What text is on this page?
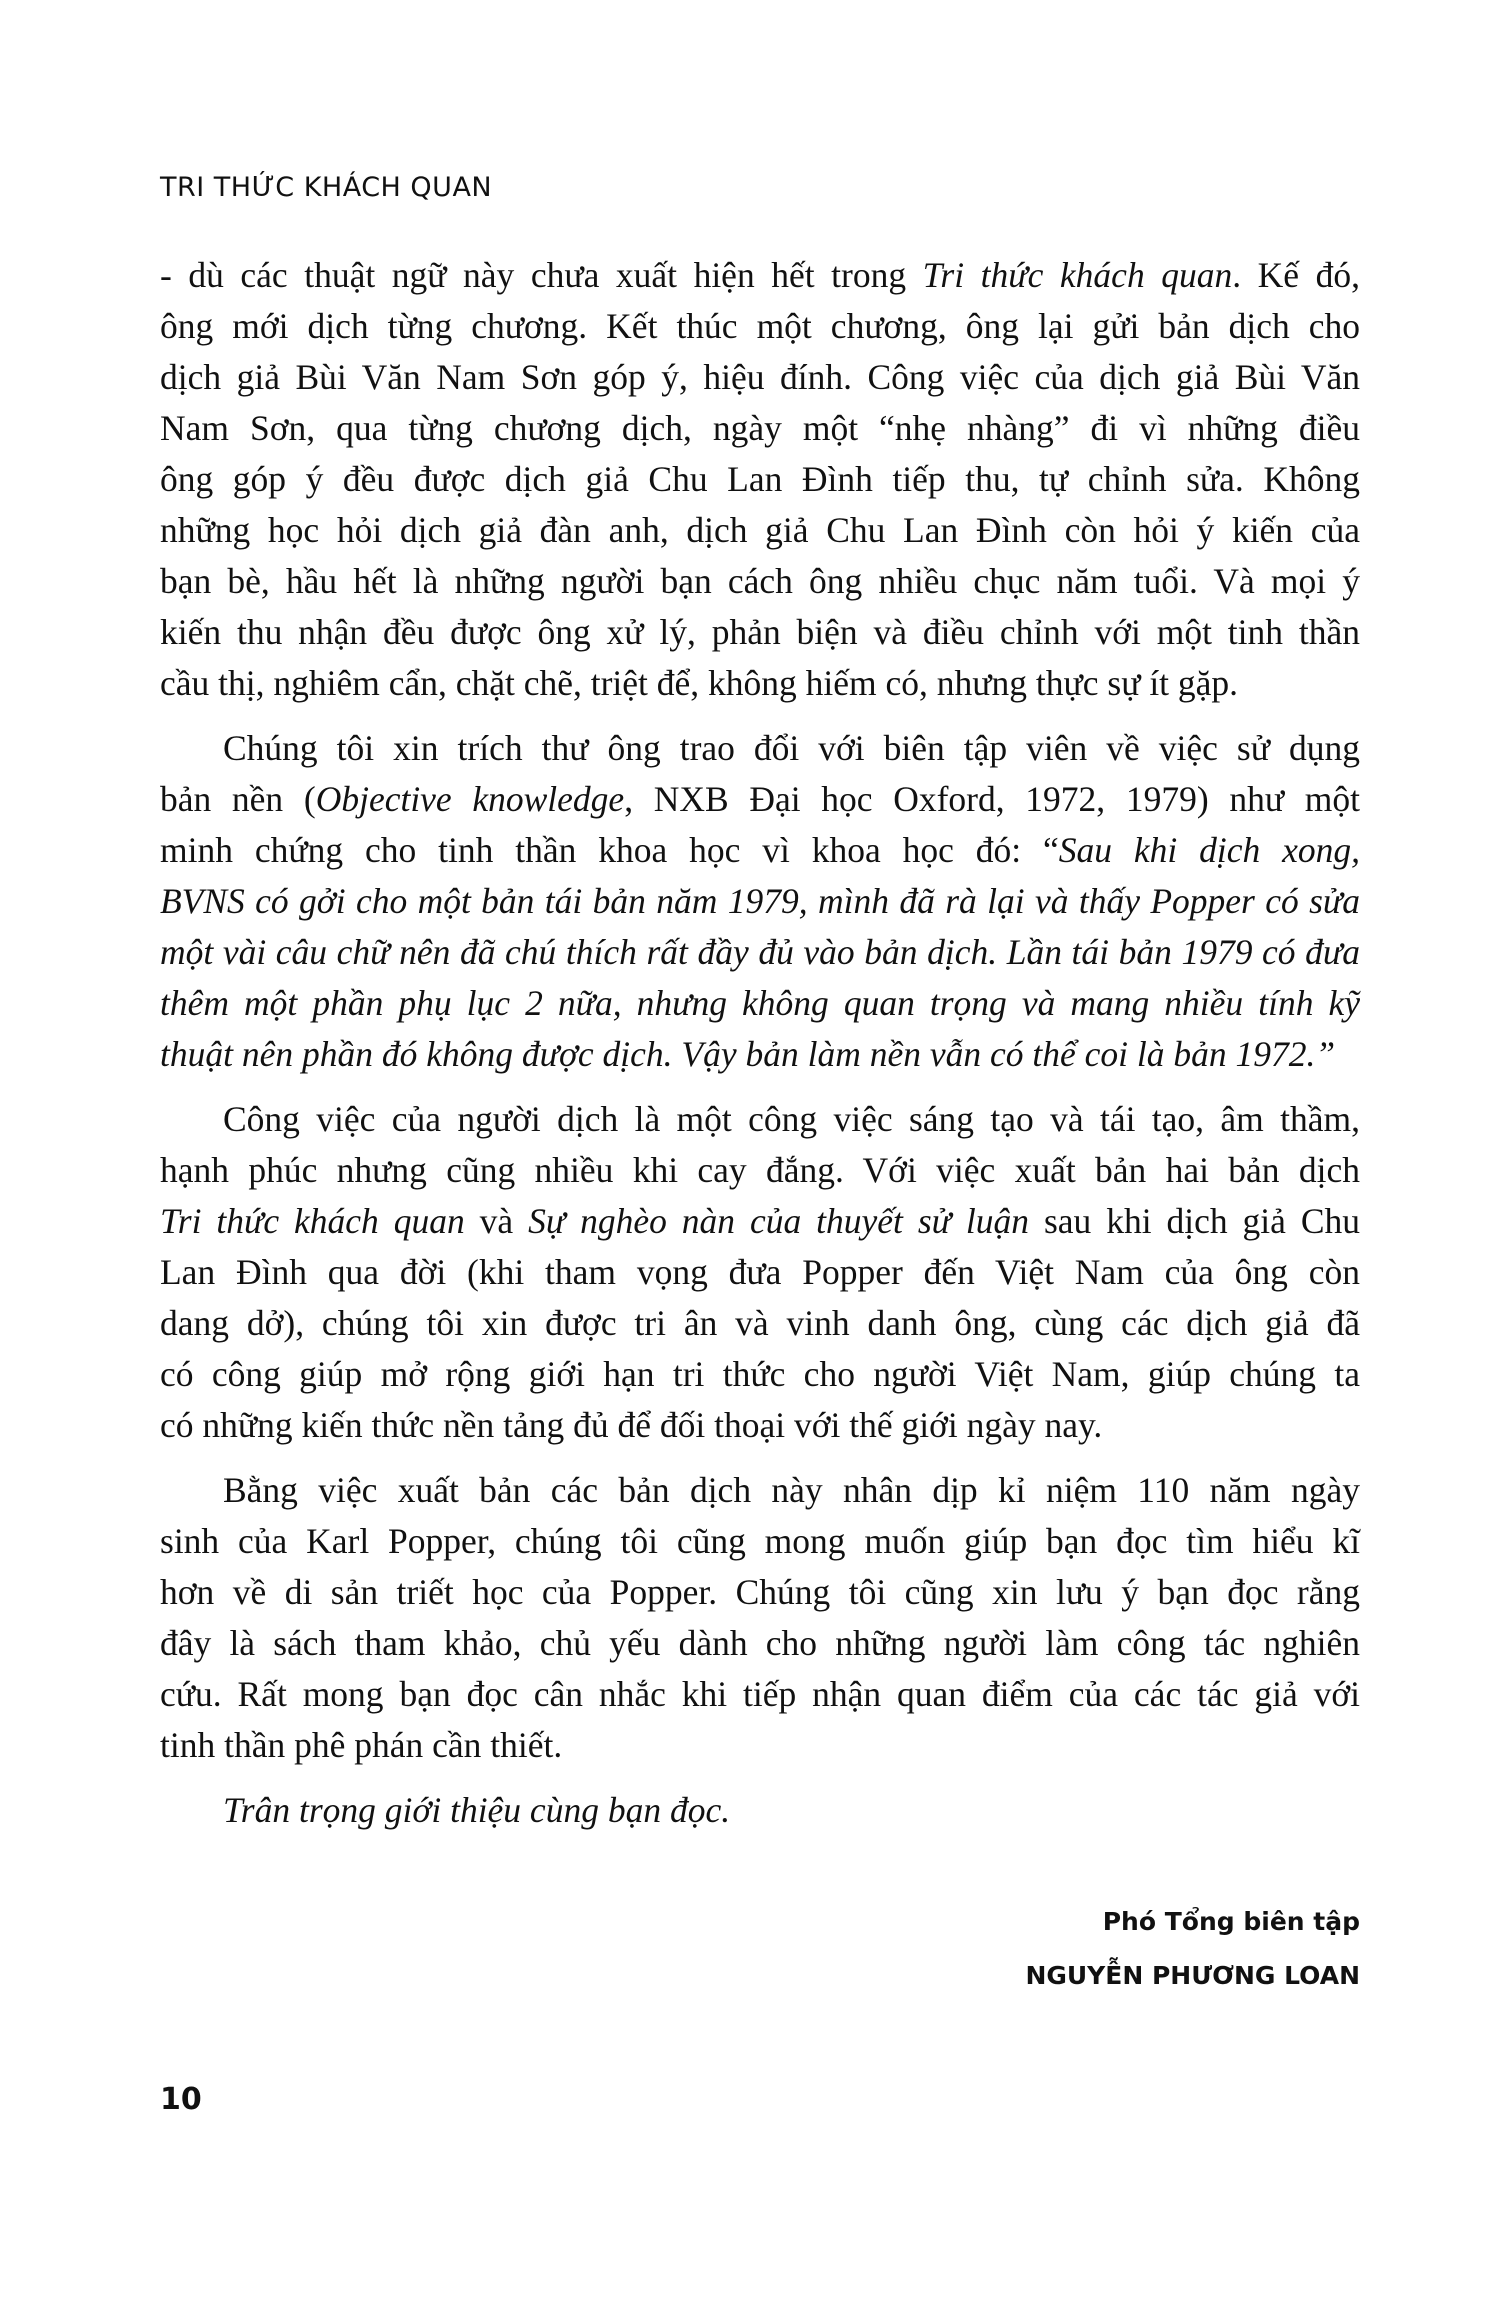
TRI THỨC KHÁCH QUAN
- dù các thuật ngữ này chưa xuất hiện hết trong Tri thức khách quan. Kế đó,
ông mới dịch từng chương. Kết thúc một chương, ông lại gửi bản dịch cho
dịch giả Bùi Văn Nam Sơn góp ý, hiệu đính. Công việc của dịch giả Bùi Văn
Nam Sơn, qua từng chương dịch, ngày một “nhẹ nhàng” đi vì những điều
ông góp ý đều được dịch giả Chu Lan Đình tiếp thu, tự chỉnh sửa. Không
những học hỏi dịch giả đàn anh, dịch giả Chu Lan Đình còn hỏi ý kiến của
bạn bè, hầu hết là những người bạn cách ông nhiều chục năm tuổi. Và mọi ý
kiến thu nhận đều được ông xử lý, phản biện và điều chỉnh với một tinh thần
cầu thị, nghiêm cẩn, chặt chẽ, triệt để, không hiếm có, nhưng thực sự ít gặp.
Chúng tôi xin trích thư ông trao đổi với biên tập viên về việc sử dụng
bản nền (Objective knowledge, NXB Đại học Oxford, 1972, 1979) như một
minh chứng cho tinh thần khoa học vì khoa học đó: “Sau khi dịch xong,
BVNS có gởi cho một bản tái bản năm 1979, mình đã rà lại và thấy Popper có sửa
một vài câu chữ nên đã chú thích rất đầy đủ vào bản dịch. Lần tái bản 1979 có đưa
thêm một phần phụ lục 2 nữa, nhưng không quan trọng và mang nhiều tính kỹ
thuật nên phần đó không được dịch. Vậy bản làm nền vẫn có thể coi là bản 1972.”
Công việc của người dịch là một công việc sáng tạo và tái tạo, âm thầm,
hạnh phúc nhưng cũng nhiều khi cay đắng. Với việc xuất bản hai bản dịch
Tri thức khách quan và Sự nghèo nàn của thuyết sử luận sau khi dịch giả Chu
Lan Đình qua đời (khi tham vọng đưa Popper đến Việt Nam của ông còn
dang dở), chúng tôi xin được tri ân và vinh danh ông, cùng các dịch giả đã
có công giúp mở rộng giới hạn tri thức cho người Việt Nam, giúp chúng ta
có những kiến thức nền tảng đủ để đối thoại với thế giới ngày nay.
Bằng việc xuất bản các bản dịch này nhân dịp kỉ niệm 110 năm ngày
sinh của Karl Popper, chúng tôi cũng mong muốn giúp bạn đọc tìm hiểu kĩ
hơn về di sản triết học của Popper. Chúng tôi cũng xin lưu ý bạn đọc rằng
đây là sách tham khảo, chủ yếu dành cho những người làm công tác nghiên
cứu. Rất mong bạn đọc cân nhắc khi tiếp nhận quan điểm của các tác giả với
tinh thần phê phán cần thiết.
Trân trọng giới thiệu cùng bạn đọc.
Phó Tổng biên tập
NGUYỄN PHƯƠNG LOAN
10
